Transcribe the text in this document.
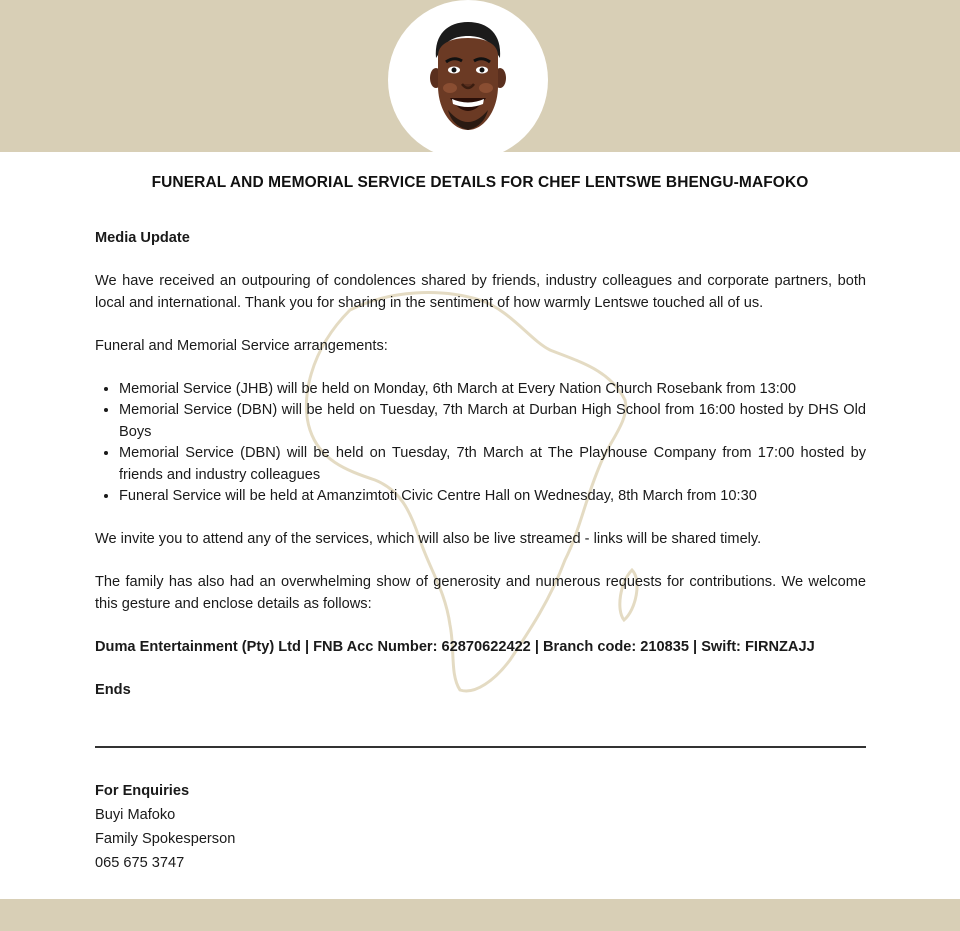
FUNERAL AND MEMORIAL SERVICE DETAILS FOR CHEF LENTSWE BHENGU-MAFOKO

Media Update

We have received an outpouring of condolences shared by friends, industry colleagues and corporate partners, both local and international. Thank you for sharing in the sentiment of how warmly Lentswe touched all of us.

Funeral and Memorial Service arrangements:

• Memorial Service (JHB) will be held on Monday, 6th March at Every Nation Church Rosebank from 13:00
• Memorial Service (DBN) will be held on Tuesday, 7th March at Durban High School from 16:00 hosted by DHS Old Boys
• Memorial Service (DBN) will be held on Tuesday, 7th March at The Playhouse Company from 17:00 hosted by friends and industry colleagues
• Funeral Service will be held at Amanzimtoti Civic Centre Hall on Wednesday, 8th March from 10:30

We invite you to attend any of the services, which will also be live streamed - links will be shared timely.

The family has also had an overwhelming show of generosity and numerous requests for contributions. We welcome this gesture and enclose details as follows:

Duma Entertainment (Pty) Ltd | FNB Acc Number: 62870622422 | Branch code: 210835 | Swift: FIRNZAJJ

Ends

For Enquiries
Buyi Mafoko
Family Spokesperson
065 675 3747
